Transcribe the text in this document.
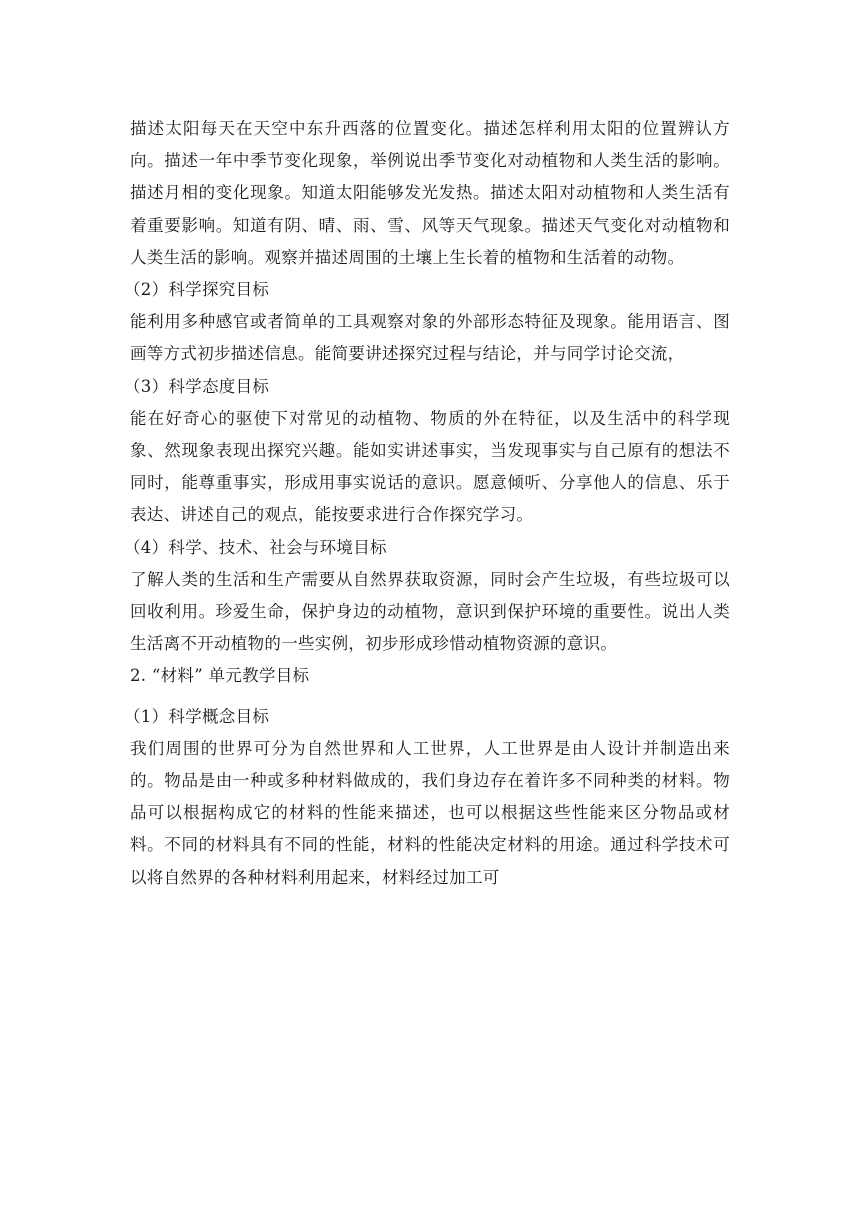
描述太阳每天在天空中东升西落的位置变化。描述怎样利用太阳的位置辨认方向。描述一年中季节变化现象，举例说出季节变化对动植物和人类生活的影响。描述月相的变化现象。知道太阳能够发光发热。描述太阳对动植物和人类生活有着重要影响。知道有阴、晴、雨、雪、风等天气现象。描述天气变化对动植物和人类生活的影响。观察并描述周围的土壤上生长着的植物和生活着的动物。

（2）科学探究目标

能利用多种感官或者简单的工具观察对象的外部形态特征及现象。能用语言、图画等方式初步描述信息。能简要讲述探究过程与结论，并与同学讨论交流，

（3）科学态度目标

能在好奇心的驱使下对常见的动植物、物质的外在特征，以及生活中的科学现象、然现象表现出探究兴趣。能如实讲述事实，当发现事实与自己原有的想法不同时，能尊重事实，形成用事实说话的意识。愿意倾听、分享他人的信息、乐于表达、讲述自己的观点，能按要求进行合作探究学习。

（4）科学、技术、社会与环境目标

了解人类的生活和生产需要从自然界获取资源，同时会产生垃圾，有些垃圾可以回收利用。珍爱生命，保护身边的动植物，意识到保护环境的重要性。说出人类生活离不开动植物的一些实例，初步形成珍惜动植物资源的意识。

2. “材料” 单元教学目标

（1）科学概念目标

我们周围的世界可分为自然世界和人工世界，人工世界是由人设计并制造出来的。物品是由一种或多种材料做成的，我们身边存在着许多不同种类的材料。物品可以根据构成它的材料的性能来描述，也可以根据这些性能来区分物品或材料。不同的材料具有不同的性能，材料的性能决定材料的用途。通过科学技术可以将自然界的各种材料利用起来，材料经过加工可
